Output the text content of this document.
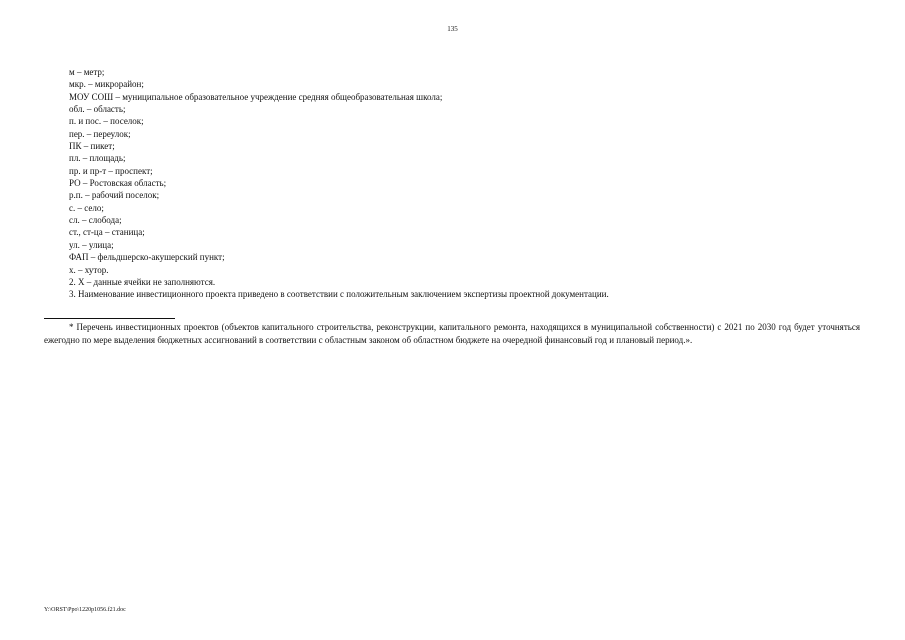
135
м – метр;
мкр. – микрорайон;
МОУ СОШ – муниципальное образовательное учреждение средняя общеобразовательная школа;
обл. – область;
п. и пос. – поселок;
пер. – переулок;
ПК – пикет;
пл. – площадь;
пр. и пр-т – проспект;
РО – Ростовская область;
р.п. – рабочий поселок;
с. – село;
сл. – слобода;
ст., ст-ца – станица;
ул. – улица;
ФАП – фельдшерско-акушерский пункт;
х. – хутор.
2. Х – данные ячейки не заполняются.
3. Наименование инвестиционного проекта приведено в соответствии с положительным заключением экспертизы проектной документации.

* Перечень инвестиционных проектов (объектов капитального строительства, реконструкции, капитального ремонта, находящихся в муниципальной собственности) с 2021 по 2030 год будет уточняться ежегодно по мере выделения бюджетных ассигнований в соответствии с областным законом об областном бюджете на очередной финансовый год и плановый период.».

Y:\ORST\Ppo\1220p1056.f21.doc
